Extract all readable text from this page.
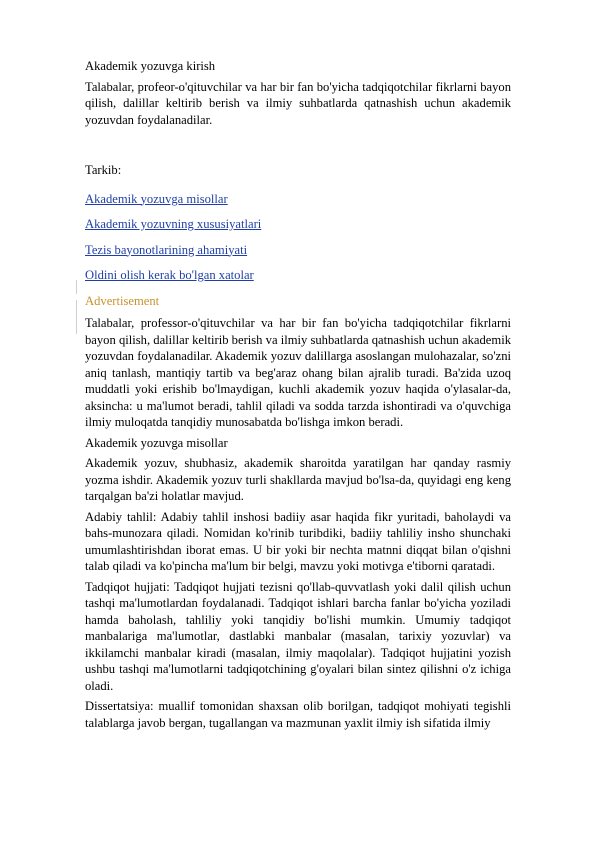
Akademik yozuvga kirish

Talabalar, profeor-o'qituvchilar va har bir fan bo'yicha tadqiqotchilar fikrlarni bayon qilish, dalillar keltirib berish va ilmiy suhbatlarda qatnashish uchun akademik yozuvdan foydalanadilar.

Tarkib:

Akademik yozuvga misollar
Akademik yozuvning xususiyatlari
Tezis bayonotlarining ahamiyati
Oldini olish kerak bo'lgan xatolar
Advertisement

Talabalar, professor-o'qituvchilar va har bir fan bo'yicha tadqiqotchilar fikrlarni bayon qilish, dalillar keltirib berish va ilmiy suhbatlarda qatnashish uchun akademik yozuvdan foydalanadilar. Akademik yozuv dalillarga asoslangan mulohazalar, so'zni aniq tanlash, mantiqiy tartib va beg'araz ohang bilan ajralib turadi. Ba'zida uzoq muddatli yoki erishib bo'lmaydigan, kuchli akademik yozuv haqida o'ylasalar-da, aksincha: u ma'lumot beradi, tahlil qiladi va sodda tarzda ishontiradi va o'quvchiga ilmiy muloqatda tanqidiy munosabatda bo'lishga imkon beradi.

Akademik yozuvga misollar

Akademik yozuv, shubhasiz, akademik sharoitda yaratilgan har qanday rasmiy yozma ishdir. Akademik yozuv turli shakllarda mavjud bo'lsa-da, quyidagi eng keng tarqalgan ba'zi holatlar mavjud.

Adabiy tahlil: Adabiy tahlil inshosi badiiy asar haqida fikr yuritadi, baholaydi va bahs-munozara qiladi. Nomidan ko'rinib turibdiki, badiiy tahliliy insho shunchaki umumlashtirishdan iborat emas. U bir yoki bir nechta matnni diqqat bilan o'qishni talab qiladi va ko'pincha ma'lum bir belgi, mavzu yoki motivga e'tiborni qaratadi.

Tadqiqot hujjati: Tadqiqot hujjati tezisni qo'llab-quvvatlash yoki dalil qilish uchun tashqi ma'lumotlardan foydalanadi. Tadqiqot ishlari barcha fanlar bo'yicha yoziladi hamda baholash, tahliliy yoki tanqidiy bo'lishi mumkin. Umumiy tadqiqot manbalariga ma'lumotlar, dastlabki manbalar (masalan, tarixiy yozuvlar) va ikkilamchi manbalar kiradi (masalan, ilmiy maqolalar). Tadqiqot hujjatini yozish ushbu tashqi ma'lumotlarni tadqiqotchining g'oyalari bilan sintez qilishni o'z ichiga oladi.

Dissertatsiya: muallif tomonidan shaxsan olib borilgan, tadqiqot mohiyati tegishli talablarga javob bergan, tugallangan va mazmunan yaxlit ilmiy ish sifatida ilmiy
